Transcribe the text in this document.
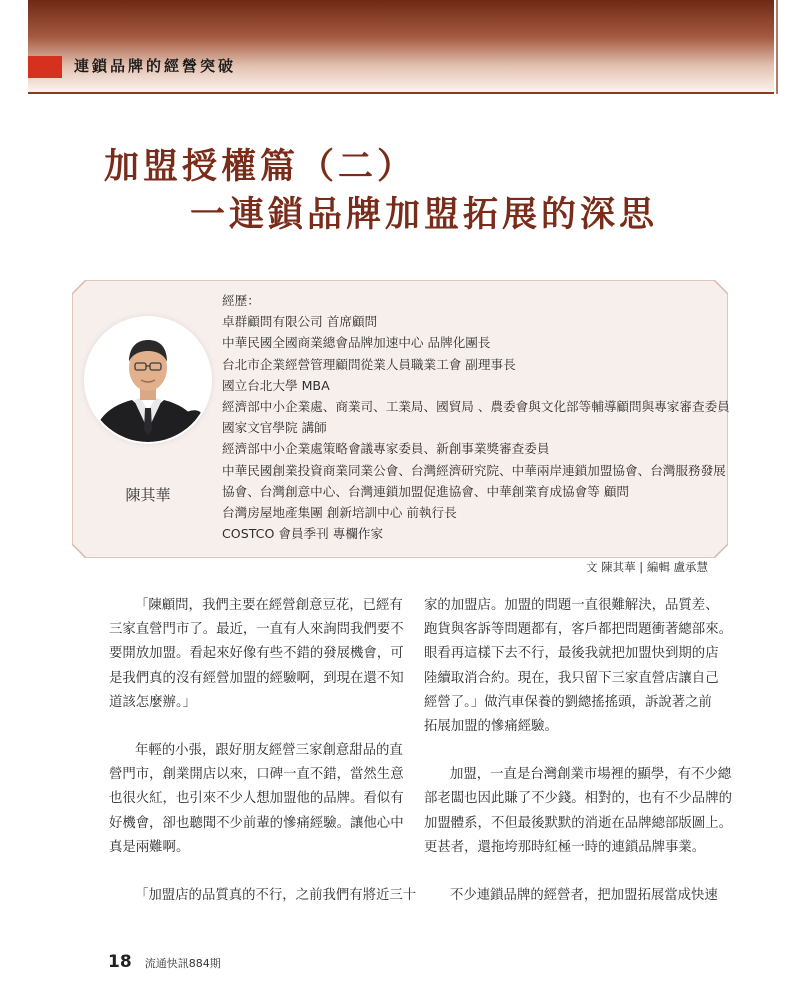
連鎖品牌的經營突破
加盟授權篇（二）
一連鎖品牌加盟拓展的深思
陳其華
經歷：
卓群顧問有限公司 首席顧問
中華民國全國商業總會品牌加速中心 品牌化團長
台北市企業經營管理顧問從業人員職業工會 副理事長
國立台北大學 MBA
經濟部中小企業處、商業司、工業局、國貿局 、農委會與文化部等輔導顧問與專家審查委員
國家文官學院 講師
經濟部中小企業處策略會議專家委員、新創事業獎審查委員
中華民國創業投資商業同業公會、台灣經濟研究院、中華兩岸連鎖加盟協會、台灣服務發展
協會、台灣創意中心、台灣連鎖加盟促進協會、中華創業育成協會等 顧問
台灣房屋地產集團 創新培訓中心 前執行長
COSTCO 會員季刊 專欄作家
文 陳其華 | 編輯 盧承慧

「陳顧問，我們主要在經營創意豆花，已經有
三家直營門市了。最近，一直有人來詢問我們要不
要開放加盟。看起來好像有些不錯的發展機會，可
是我們真的沒有經營加盟的經驗啊，到現在還不知
道該怎麼辦。」

年輕的小張，跟好朋友經營三家創意甜品的直
營門市，創業開店以來，口碑一直不錯，當然生意
也很火紅，也引來不少人想加盟他的品牌。看似有
好機會，卻也聽聞不少前輩的慘痛經驗。讓他心中
真是兩難啊。

「加盟店的品質真的不行，之前我們有將近三十

家的加盟店。加盟的問題一直很難解決，品質差、
跑貨與客訴等問題都有，客戶都把問題衝著總部來。
眼看再這樣下去不行，最後我就把加盟快到期的店
陸續取消合約。現在，我只留下三家直營店讓自己
經營了。」做汽車保養的劉總搖搖頭，訴說著之前
拓展加盟的慘痛經驗。

加盟，一直是台灣創業市場裡的顯學，有不少總
部老闆也因此賺了不少錢。相對的，也有不少品牌的
加盟體系，不但最後默默的消逝在品牌總部版圖上。
更甚者，還拖垮那時紅極一時的連鎖品牌事業。

不少連鎖品牌的經營者，把加盟拓展當成快速

18 流通快訊884期
